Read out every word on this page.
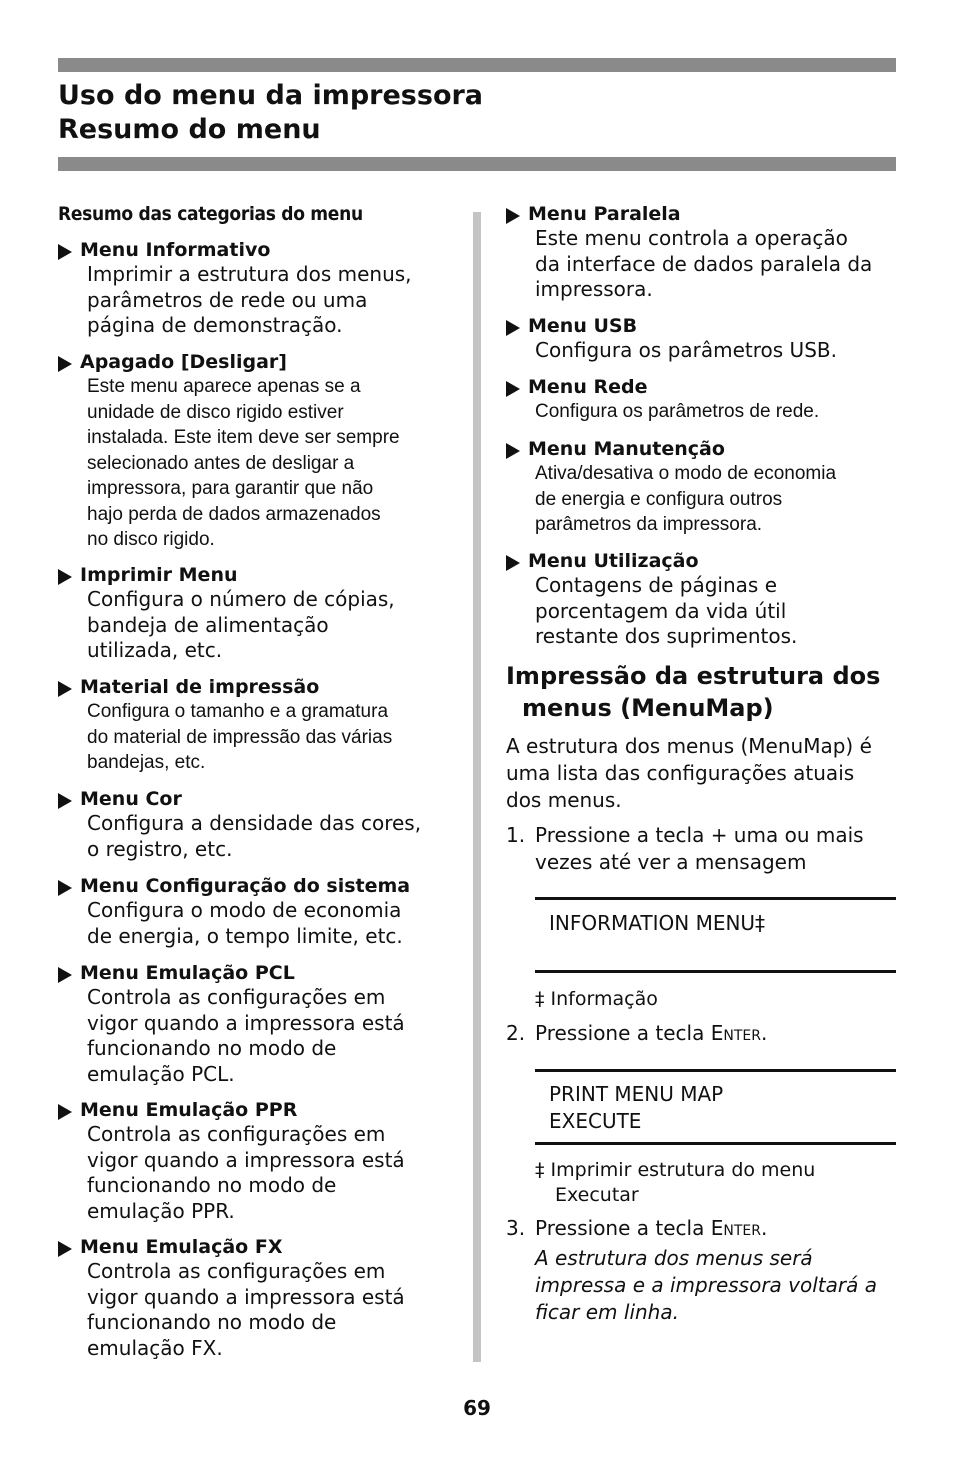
Uso do menu da impressora
Resumo do menu
Resumo das categorias do menu
Menu Informativo
Imprimir a estrutura dos menus,
parâmetros de rede ou uma
página de demonstração.
Apagado [Desligar]
Este menu aparece apenas se a
unidade de disco rigido estiver
instalada. Este item deve ser sempre
selecionado antes de desligar a
impressora, para garantir que não
hajo perda de dados armazenados
no disco rigido.
Imprimir Menu
Configura o número de cópias,
bandeja de alimentação
utilizada, etc.
Material de impressão
Configura o tamanho e a gramatura
do material de impressão das várias
bandejas, etc.
Menu Cor
Configura a densidade das cores,
o registro, etc.
Menu Configuração do sistema
Configura o modo de economia
de energia, o tempo limite, etc.
Menu Emulação PCL
Controla as configurações em
vigor quando a impressora está
funcionando no modo de
emulação PCL.
Menu Emulação PPR
Controla as configurações em
vigor quando a impressora está
funcionando no modo de
emulação PPR.
Menu Emulação FX
Controla as configurações em
vigor quando a impressora está
funcionando no modo de
emulação FX.
Menu Paralela
Este menu controla a operação
da interface de dados paralela da
impressora.
Menu USB
Configura os parâmetros USB.
Menu Rede
Configura os parâmetros de rede.
Menu Manutenção
Ativa/desativa o modo de economia
de energia e configura outros
parâmetros da impressora.
Menu Utilização
Contagens de páginas e
porcentagem da vida útil
restante dos suprimentos.
Impressão da estrutura dos
menus (MenuMap)
A estrutura dos menus (MenuMap) é
uma lista das configurações atuais
dos menus.
1. Pressione a tecla + uma ou mais
vezes até ver a mensagem
INFORMATION MENU‡
‡ Informação
2. Pressione a tecla Enter.
PRINT MENU MAP
EXECUTE
‡ Imprimir estrutura do menu
Executar
3. Pressione a tecla Enter.
A estrutura dos menus será
impressa e a impressora voltará a
ficar em linha.
69
